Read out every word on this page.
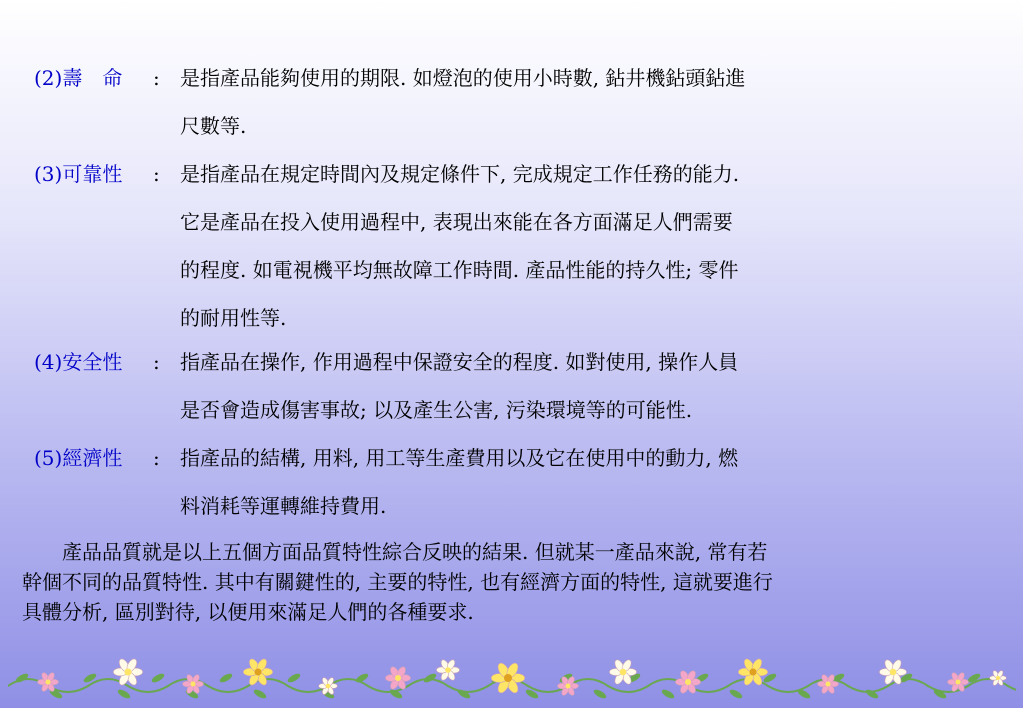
(2)壽　命	: 是指產品能夠使用的期限. 如燈泡的使用小時數, 鉆井機鉆頭鉆進
尺數等.
(3)可靠性	: 是指產品在規定時間內及規定條件下, 完成規定工作任務的能力.
它是產品在投入使用過程中, 表現出來能在各方面滿足人們需要
的程度. 如電視機平均無故障工作時間. 產品性能的持久性; 零件
的耐用性等.
(4)安全性	: 指產品在操作, 作用過程中保證安全的程度. 如對使用, 操作人員
是否會造成傷害事故; 以及產生公害, 污染環境等的可能性.
(5)經濟性	: 指產品的結構, 用料, 用工等生產費用以及它在使用中的動力, 燃
料消耗等運轉維持費用.
　　產品品質就是以上五個方面品質特性綜合反映的結果. 但就某一產品來說, 常有若
幹個不同的品質特性. 其中有關鍵性的, 主要的特性, 也有經濟方面的特性, 這就要進行
具體分析, 區別對待, 以便用來滿足人們的各種要求.
